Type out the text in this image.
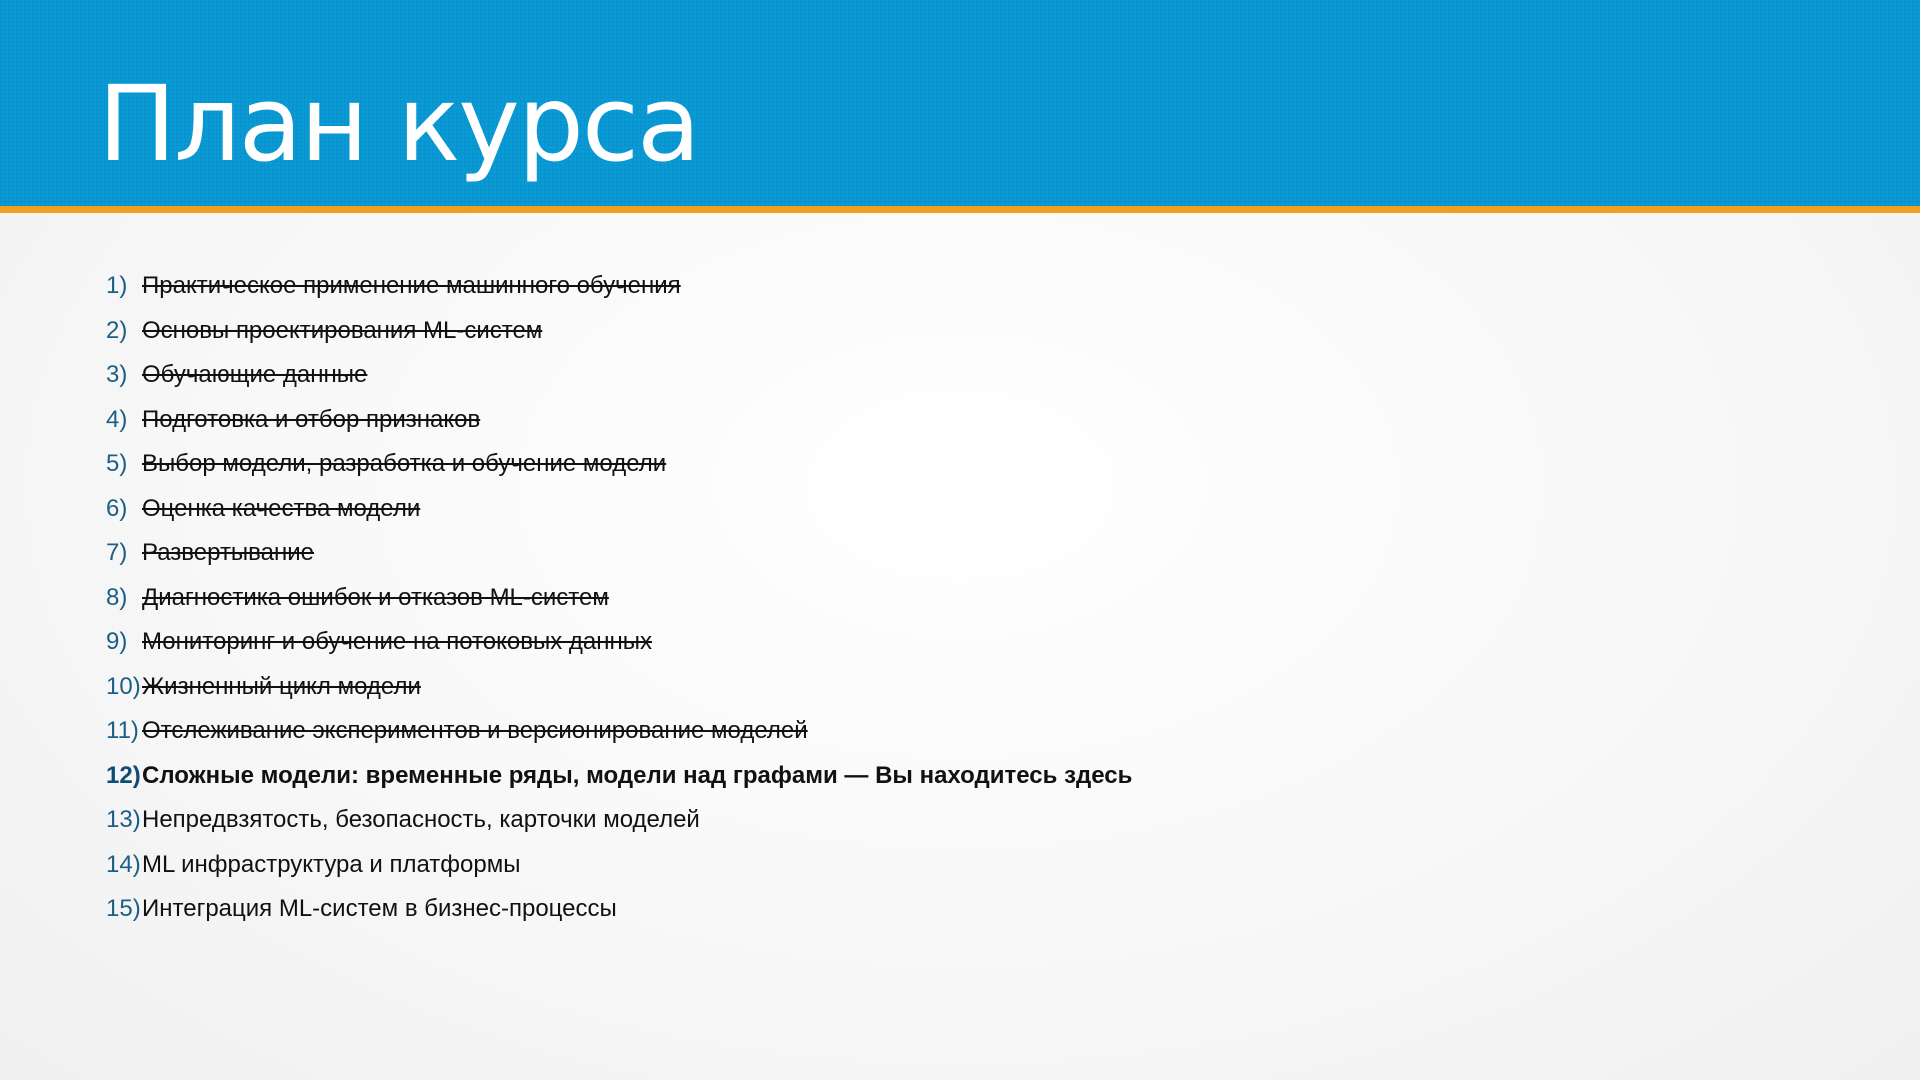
План курса
1) Практическое применение машинного обучения
2) Основы проектирования ML-систем
3) Обучающие данные
4) Подготовка и отбор признаков
5) Выбор модели, разработка и обучение модели
6) Оценка качества модели
7) Развертывание
8) Диагностика ошибок и отказов ML-систем
9) Мониторинг и обучение на потоковых данных
10) Жизненный цикл модели
11) Отслеживание экспериментов и версионирование моделей
12) Сложные модели: временные ряды, модели над графами — Вы находитесь здесь
13) Непредвзятость, безопасность, карточки моделей
14) ML инфраструктура и платформы
15) Интеграция ML-систем в бизнес-процессы
